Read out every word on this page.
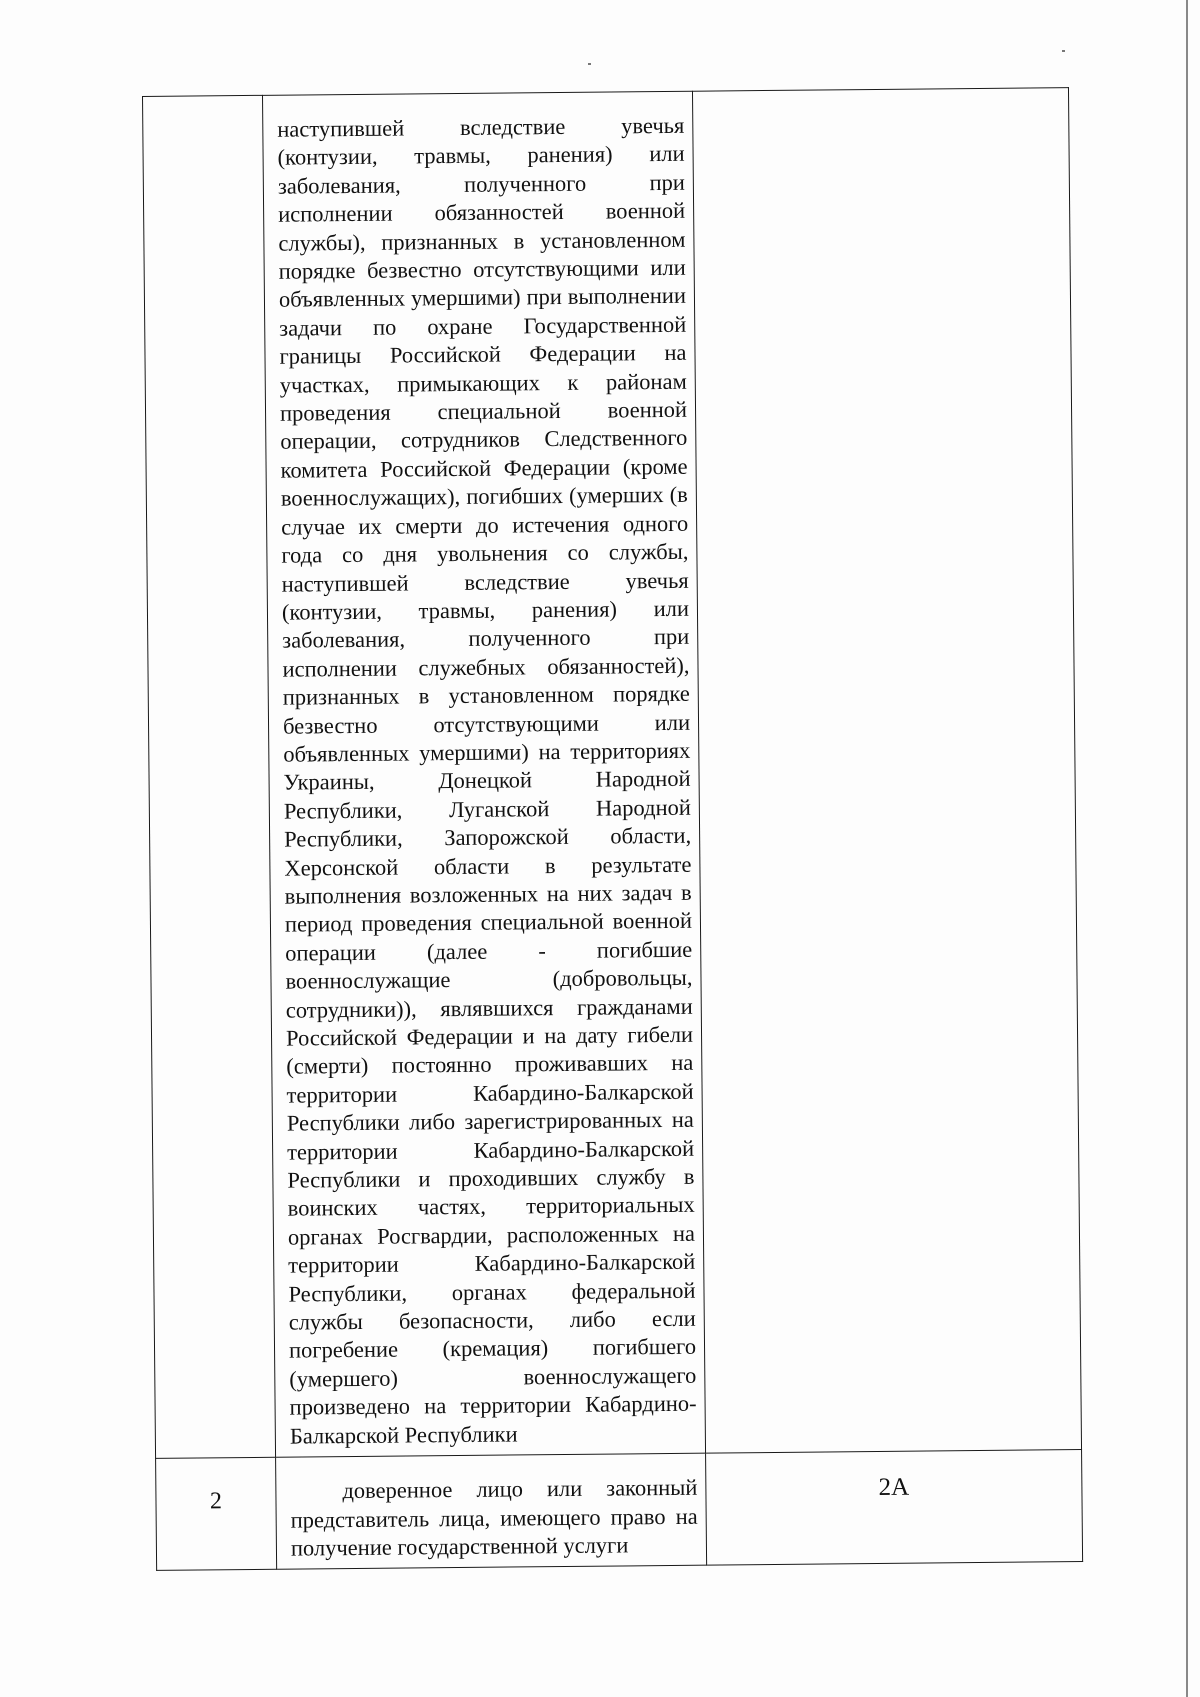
	наступившей вследствие увечья (контузии, травмы, ранения) или заболевания, полученного при исполнении обязанностей военной службы), признанных в установленном порядке безвестно отсутствующими или объявленных умершими) при выполнении задачи по охране Государственной границы Российской Федерации на участках, примыкающих к районам проведения специальной военной операции, сотрудников Следственного комитета Российской Федерации (кроме военнослужащих), погибших (умерших (в случае их смерти до истечения одного года со дня увольнения со службы, наступившей вследствие увечья (контузии, травмы, ранения) или заболевания, полученного при исполнении служебных обязанностей), признанных в установленном порядке безвестно отсутствующими или объявленных умершими) на территориях Украины, Донецкой Народной Республики, Луганской Народной Республики, Запорожской области, Херсонской области в результате выполнения возложенных на них задач в период проведения специальной военной операции (далее - погибшие военнослужащие (добровольцы, сотрудники)), являвшихся гражданами Российской Федерации и на дату гибели (смерти) постоянно проживавших на территории Кабардино-Балкарской Республики либо зарегистрированных на территории Кабардино-Балкарской Республики и проходивших службу в воинских частях, территориальных органах Росгвардии, расположенных на территории Кабардино-Балкарской Республики, органах федеральной службы безопасности, либо если погребение (кремация) погибшего (умершего) военнослужащего произведено на территории Кабардино-Балкарской Республики	

2	доверенное лицо или законный представитель лица, имеющего право на получение государственной услуги	2А
